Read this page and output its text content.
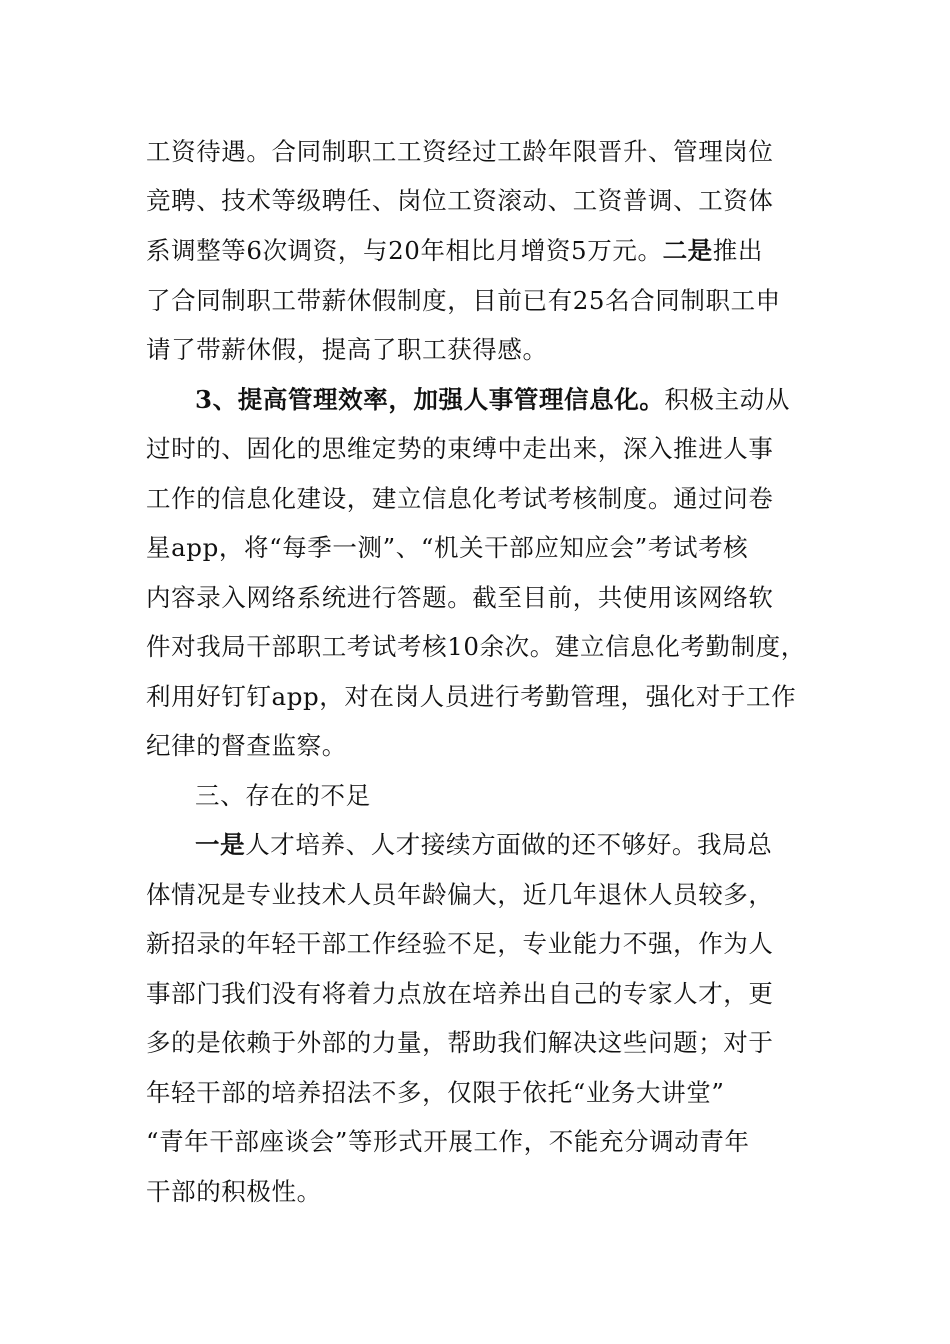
工资待遇。合同制职工工资经过工龄年限晋升、管理岗位
竞聘、技术等级聘任、岗位工资滚动、工资普调、工资体
系调整等6次调资，与20年相比月增资5万元。二是推出
了合同制职工带薪休假制度，目前已有25名合同制职工申
请了带薪休假，提高了职工获得感。
3、提高管理效率，加强人事管理信息化。积极主动从
过时的、固化的思维定势的束缚中走出来，深入推进人事
工作的信息化建设，建立信息化考试考核制度。通过问卷
星app，将“每季一测”、“机关干部应知应会”考试考核
内容录入网络系统进行答题。截至目前，共使用该网络软
件对我局干部职工考试考核10余次。建立信息化考勤制度，
利用好钉钉app，对在岗人员进行考勤管理，强化对于工作
纪律的督查监察。
三、存在的不足
一是人才培养、人才接续方面做的还不够好。我局总
体情况是专业技术人员年龄偏大，近几年退休人员较多，
新招录的年轻干部工作经验不足，专业能力不强，作为人
事部门我们没有将着力点放在培养出自己的专家人才，更
多的是依赖于外部的力量，帮助我们解决这些问题；对于
年轻干部的培养招法不多，仅限于依托“业务大讲堂”
“青年干部座谈会”等形式开展工作，不能充分调动青年
干部的积极性。
